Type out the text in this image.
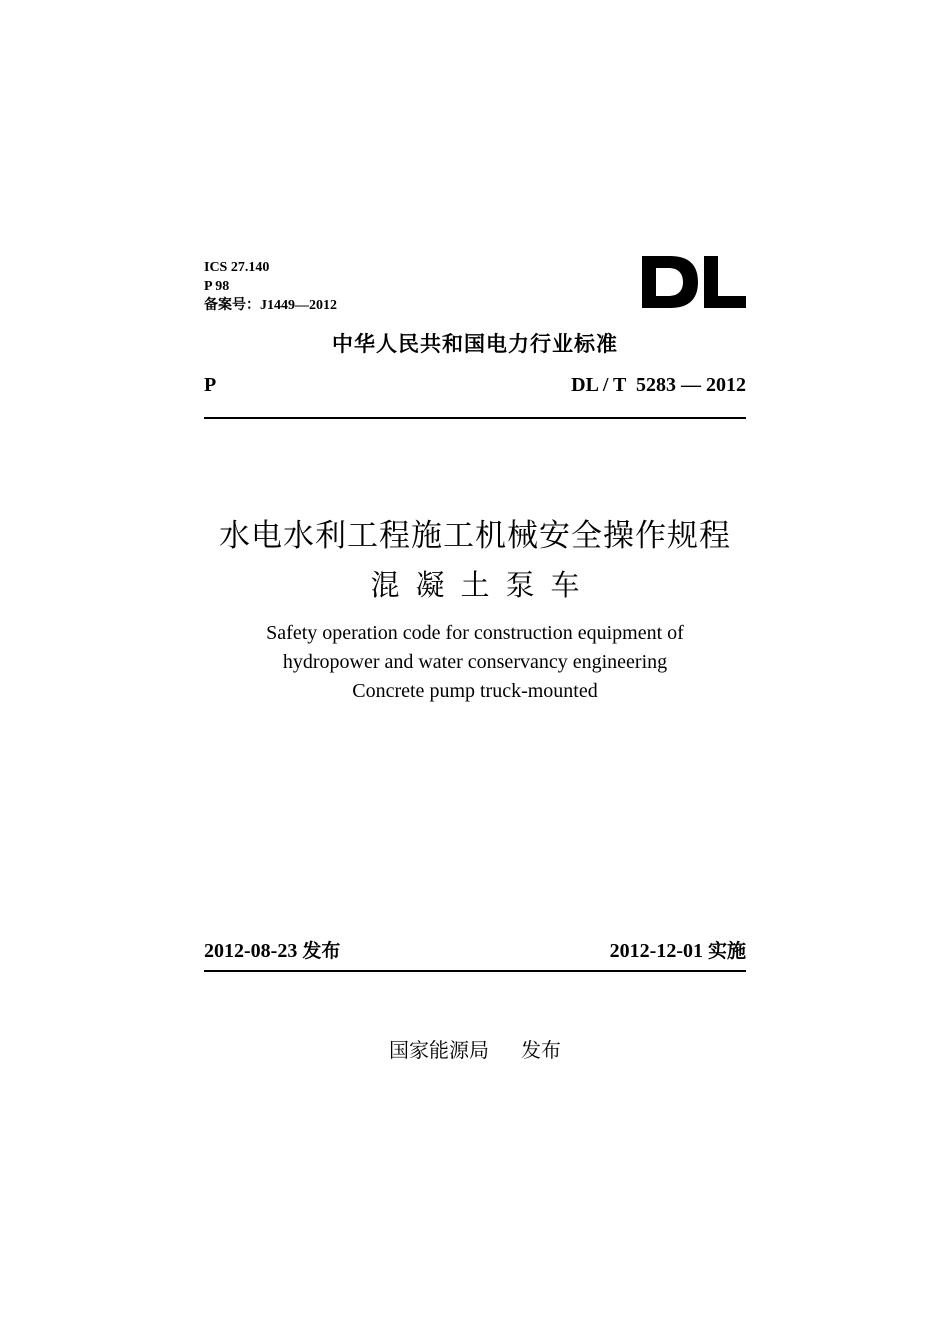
ICS 27.140
P 98
备案号：J1449—2012
中华人民共和国电力行业标准
P	DL / T  5283 — 2012
水电水利工程施工机械安全操作规程
混凝土泵车
Safety operation code for construction equipment of
hydropower and water conservancy engineering
Concrete pump truck-mounted
2012-08-23 发布	2012-12-01 实施
国家能源局 发布
